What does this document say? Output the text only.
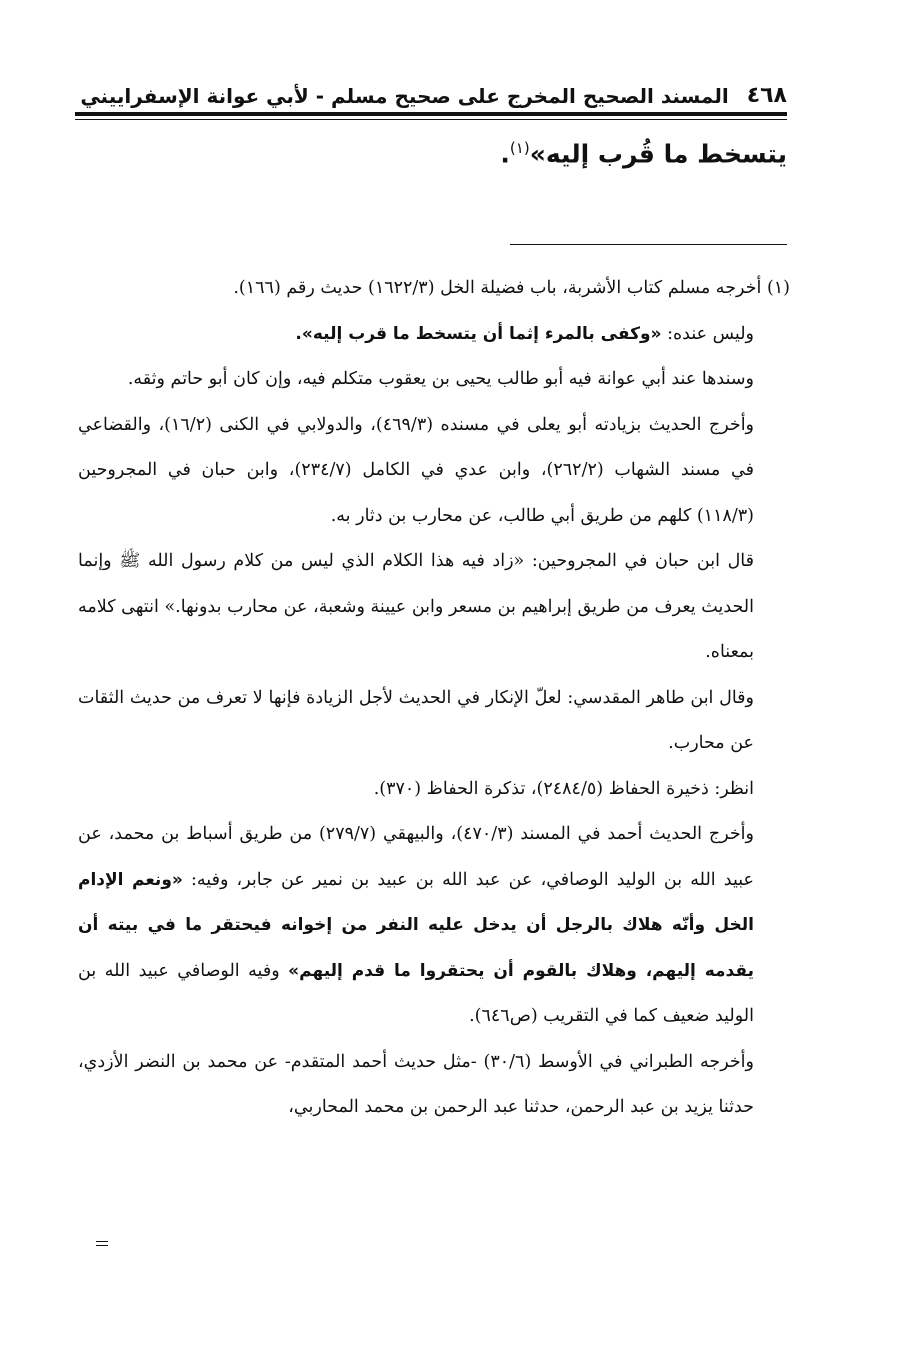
٤٦٨
المسند الصحيح المخرج على صحيح مسلم - لأبي عوانة الإسفراييني
يتسخط ما قُرب إليه»$^{(١)}$.

(١) أخرجه مسلم كتاب الأشربة، باب فضيلة الخل (١٦٢٢/٣) حديث رقم (١٦٦).

وليس عنده: «وكفى بالمرء إثما أن يتسخط ما قرب إليه».

وسندها عند أبي عوانة فيه أبو طالب يحيى بن يعقوب متكلم فيه، وإن كان أبو حاتم وثقه.

وأخرج الحديث بزيادته أبو يعلى في مسنده (٤٦٩/٣)، والدولابي في الكنى (١٦/٢)، والقضاعي في مسند الشهاب (٢٦٢/٢)، وابن عدي في الكامل (٢٣٤/٧)، وابن حبان في المجروحين (١١٨/٣) كلهم من طريق أبي طالب، عن محارب بن دثار به.

قال ابن حبان في المجروحين: «زاد فيه هذا الكلام الذي ليس من كلام رسول الله ﷺ وإنما الحديث يعرف من طريق إبراهيم بن مسعر وابن عيينة وشعبة، عن محارب بدونها.» انتهى كلامه بمعناه.

وقال ابن طاهر المقدسي: لعلّ الإنكار في الحديث لأجل الزيادة فإنها لا تعرف من حديث الثقات عن محارب.

انظر: ذخيرة الحفاظ (٢٤٨٤/٥)، تذكرة الحفاظ (٣٧٠).

وأخرج الحديث أحمد في المسند (٤٧٠/٣)، والبيهقي (٢٧٩/٧) من طريق أسباط بن محمد، عن عبيد الله بن الوليد الوصافي، عن عبد الله بن عبيد بن نمير عن جابر، وفيه: «ونعم الإدام الخل وأنّه هلاك بالرجل أن يدخل عليه النفر من إخوانه فيحتقر ما في بيته أن يقدمه إليهم، وهلاك بالقوم أن يحتقروا ما قدم إليهم» وفيه الوصافي عبيد الله بن الوليد ضعيف كما في التقريب (ص٦٤٦).

وأخرجه الطبراني في الأوسط (٣٠/٦) -مثل حديث أحمد المتقدم- عن محمد بن النضر الأزدي، حدثنا يزيد بن عبد الرحمن، حدثنا عبد الرحمن بن محمد المحاربي،
